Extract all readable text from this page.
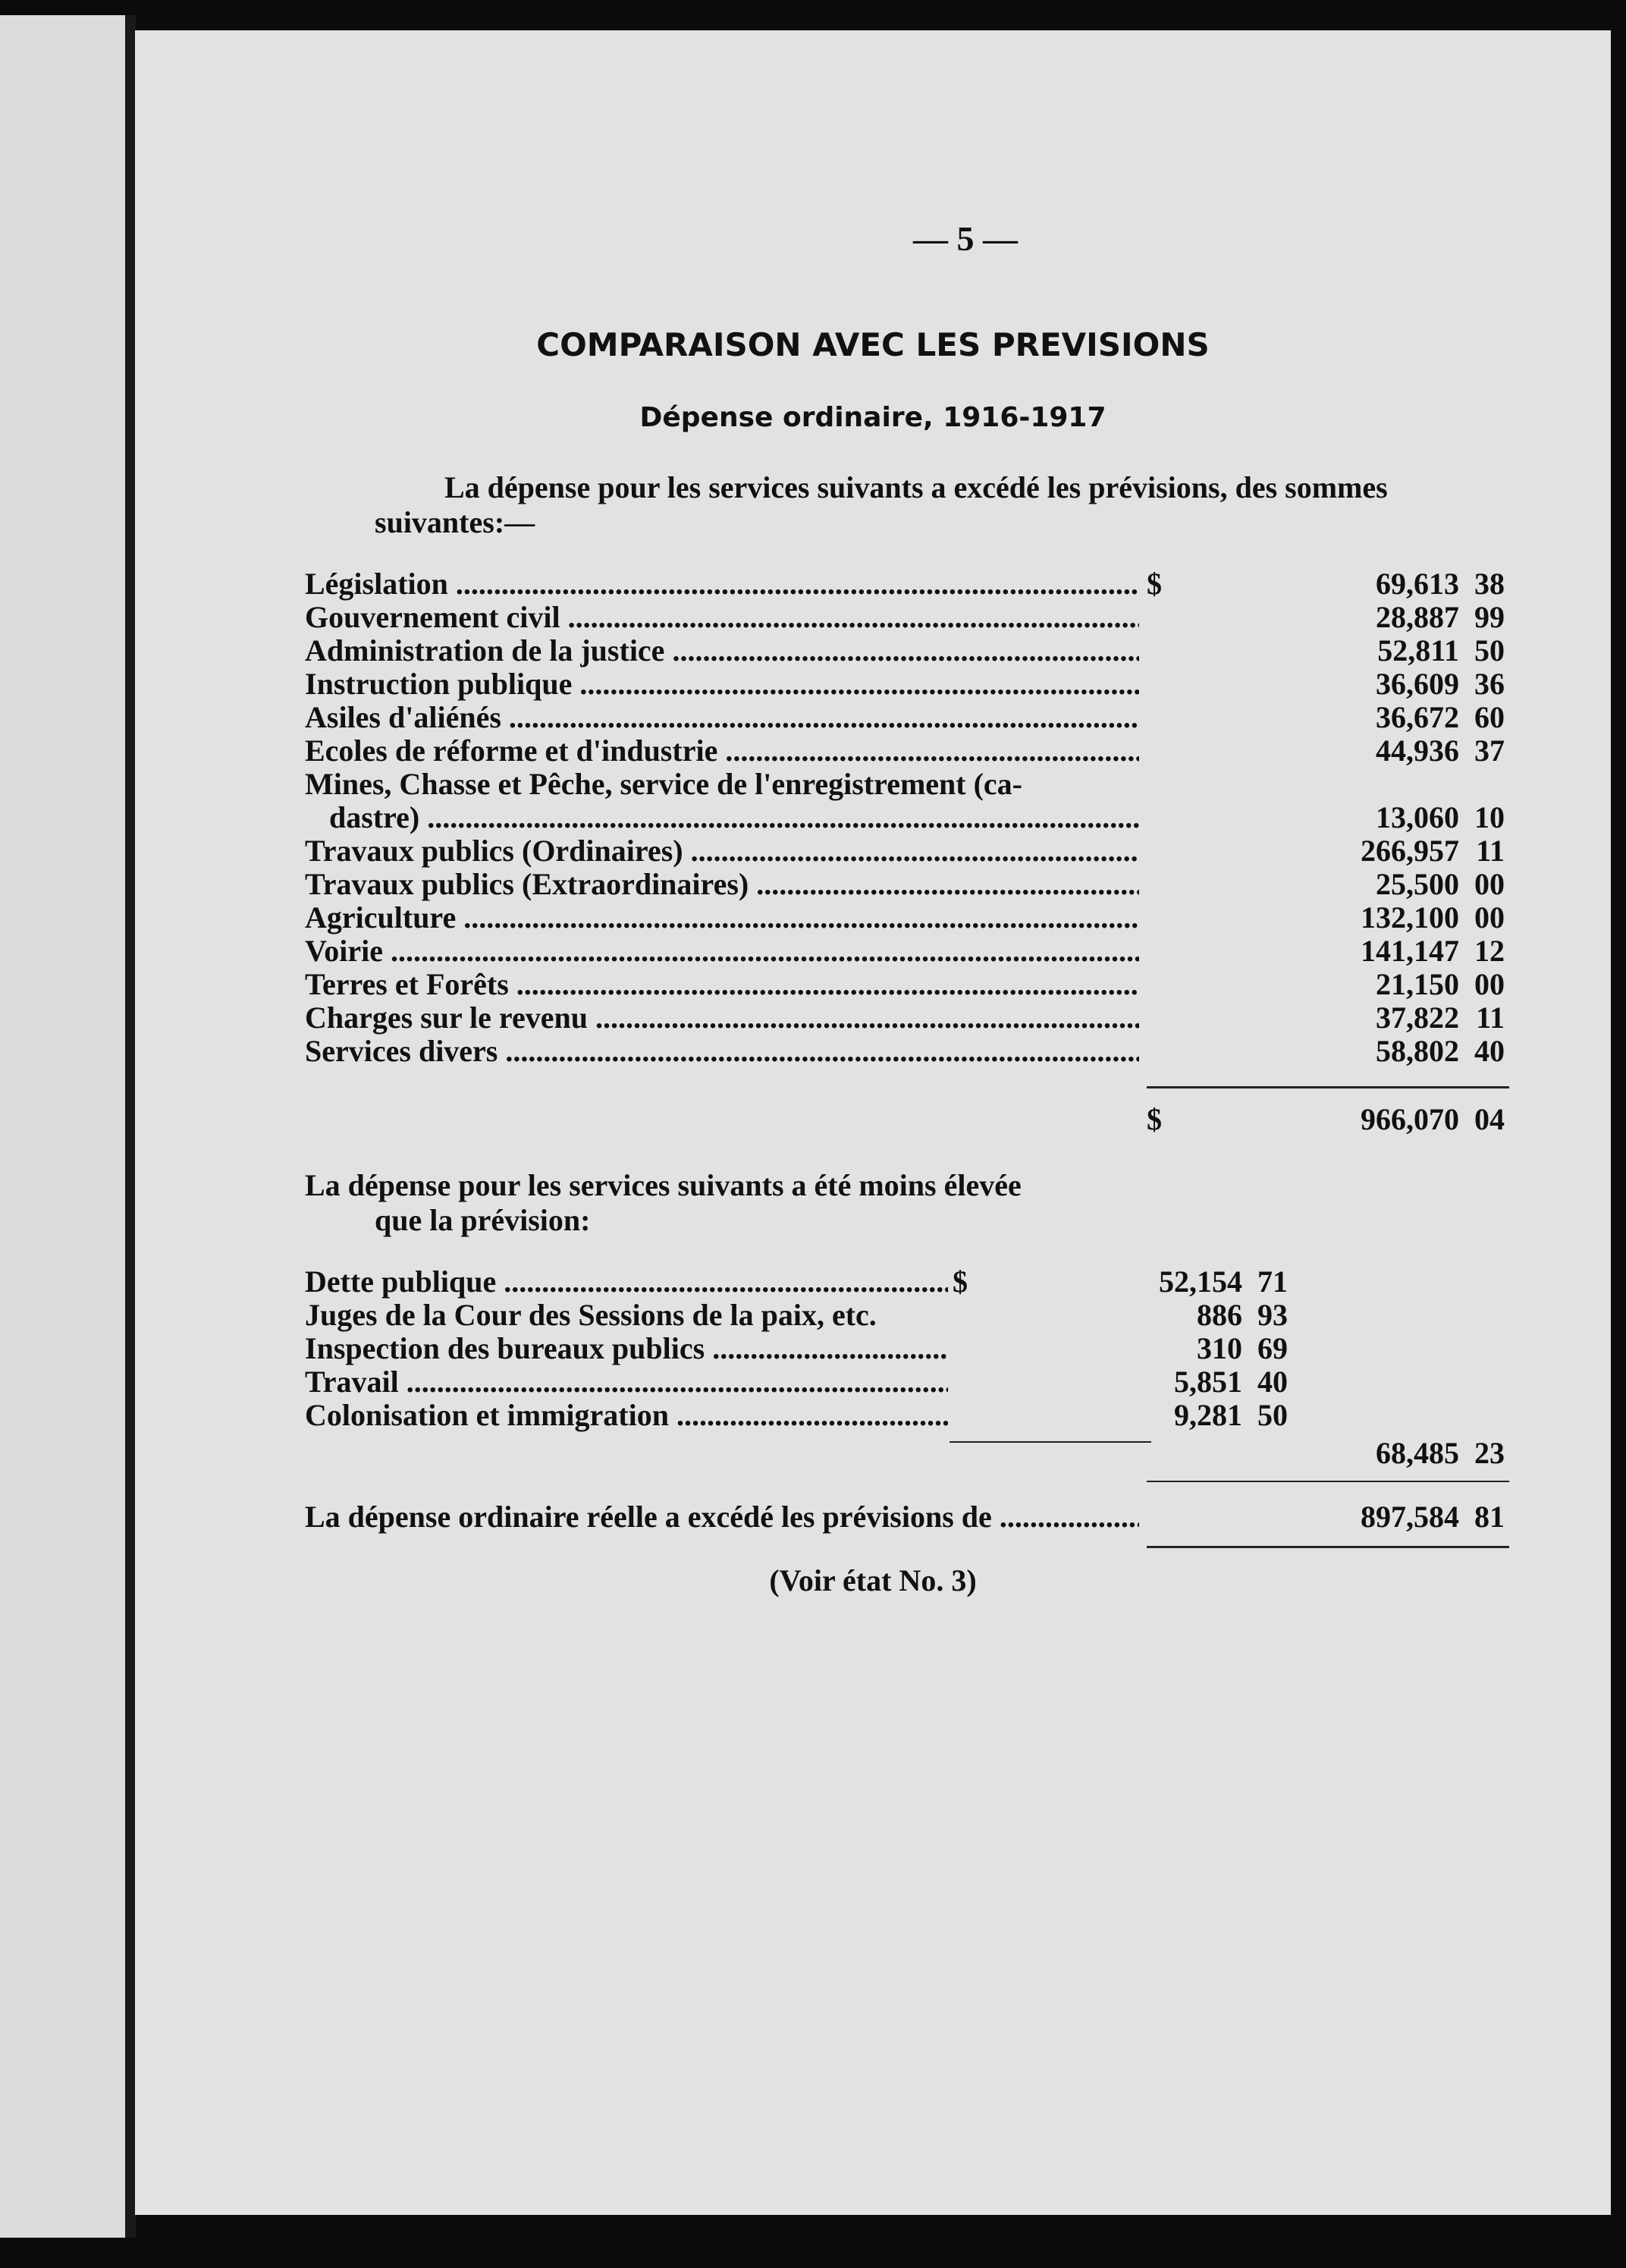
— 5 —
COMPARAISON AVEC LES PREVISIONS
Dépense ordinaire, 1916-1917
La dépense pour les services suivants a excédé les prévisions, des sommes suivantes:—
$
Législation .....	69,613 38
Gouvernement civil .....	28,887 99
Administration de la justice .....	52,811 50
Instruction publique .....	36,609 36
Asiles d'aliénés .....	36,672 60
Ecoles de réforme et d'industrie .....	44,936 37
Mines, Chasse et Pêche, service de l'enregistrement (ca-
dastre) .....	13,060 10
Travaux publics (Ordinaires) .....	266,957 11
Travaux publics (Extraordinaires) .....	25,500 00
Agriculture .....	132,100 00
Voirie .....	141,147 12
Terres et Forêts .....	21,150 00
Charges sur le revenu .....	37,822 11
Services divers .....	58,802 40
$	966,070 04
La dépense pour les services suivants a été moins élevée
que la prévision:
Dette publique .....	$	52,154 71
Juges de la Cour des Sessions de la paix, etc.	886 93
Inspection des bureaux publics .....	310 69
Travail .....	5,851 40
Colonisation et immigration .....	9,281 50
68,485 23
La dépense ordinaire réelle a excédé les prévisions de .....	897,584 81
(Voir état No. 3)
